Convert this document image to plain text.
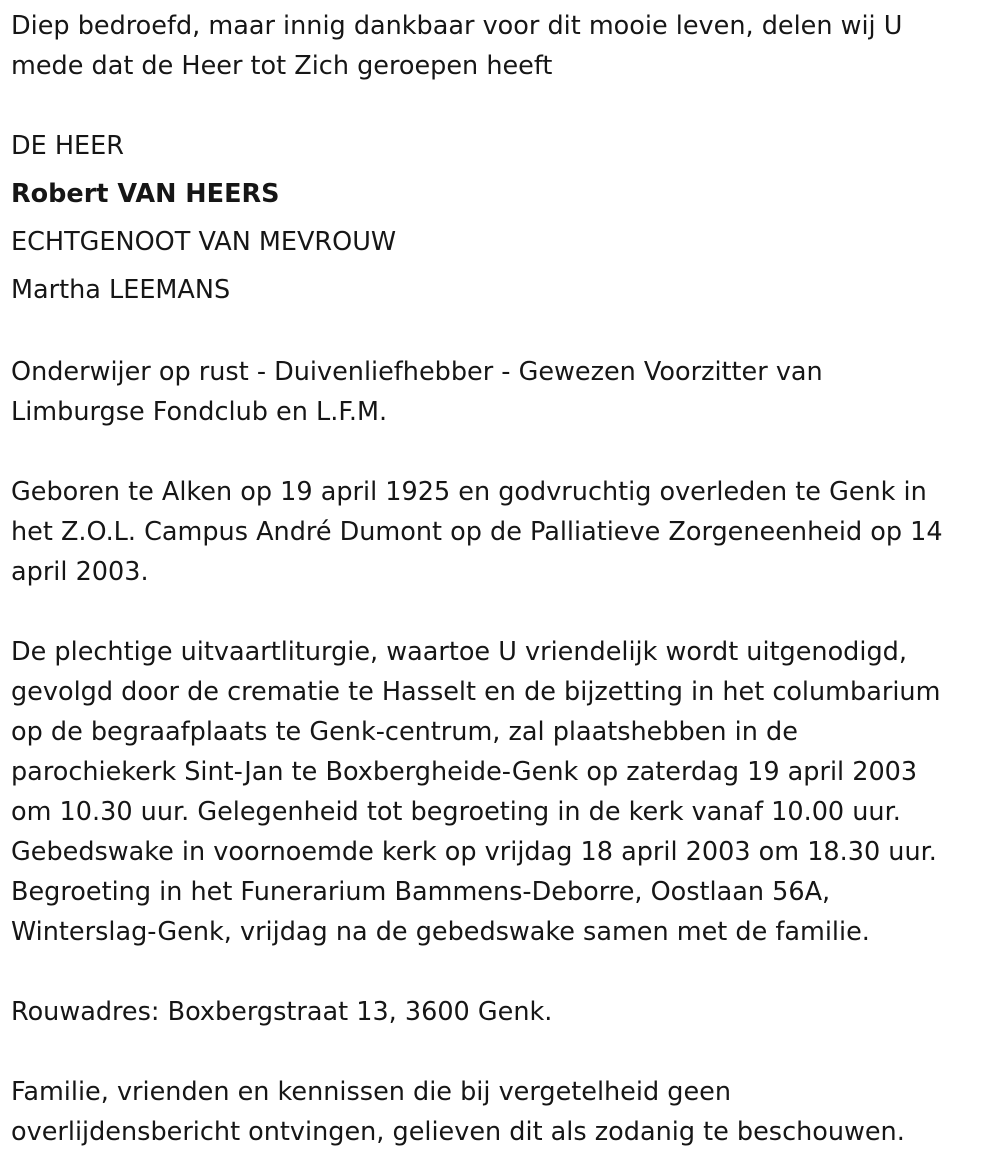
Diep bedroefd, maar innig dankbaar voor dit mooie leven, delen wij U
mede dat de Heer tot Zich geroepen heeft
DE HEER
Robert VAN HEERS
ECHTGENOOT VAN MEVROUW
Martha LEEMANS
Onderwijer op rust - Duivenliefhebber - Gewezen Voorzitter van
Limburgse Fondclub en L.F.M.
Geboren te Alken op 19 april 1925 en godvruchtig overleden te Genk in
het Z.O.L. Campus André Dumont op de Palliatieve Zorgeneenheid op 14
april 2003.
De plechtige uitvaartliturgie, waartoe U vriendelijk wordt uitgenodigd,
gevolgd door de crematie te Hasselt en de bijzetting in het columbarium
op de begraafplaats te Genk-centrum, zal plaatshebben in de
parochiekerk Sint-Jan te Boxbergheide-Genk op zaterdag 19 april 2003
om 10.30 uur. Gelegenheid tot begroeting in de kerk vanaf 10.00 uur.
Gebedswake in voornoemde kerk op vrijdag 18 april 2003 om 18.30 uur.
Begroeting in het Funerarium Bammens-Deborre, Oostlaan 56A,
Winterslag-Genk, vrijdag na de gebedswake samen met de familie.
Rouwadres: Boxbergstraat 13, 3600 Genk.
Familie, vrienden en kennissen die bij vergetelheid geen
overlijdensbericht ontvingen, gelieven dit als zodanig te beschouwen.
